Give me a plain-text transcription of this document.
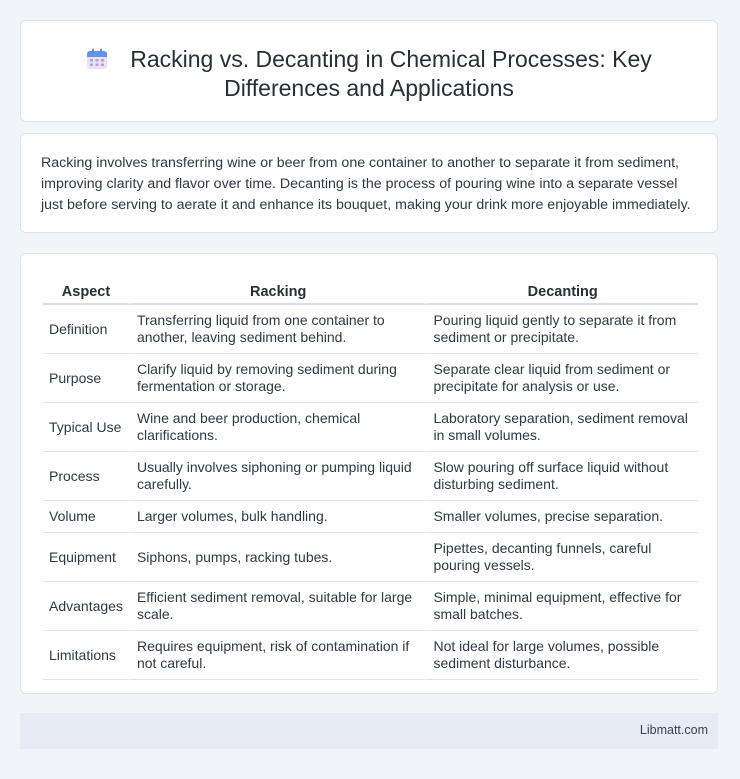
Racking vs. Decanting in Chemical Processes: Key Differences and Applications
Racking involves transferring wine or beer from one container to another to separate it from sediment, improving clarity and flavor over time. Decanting is the process of pouring wine into a separate vessel just before serving to aerate it and enhance its bouquet, making your drink more enjoyable immediately.
Aspect	Racking	Decanting
Definition	Transferring liquid from one container to another, leaving sediment behind.	Pouring liquid gently to separate it from sediment or precipitate.
Purpose	Clarify liquid by removing sediment during fermentation or storage.	Separate clear liquid from sediment or precipitate for analysis or use.
Typical Use	Wine and beer production, chemical clarifications.	Laboratory separation, sediment removal in small volumes.
Process	Usually involves siphoning or pumping liquid carefully.	Slow pouring off surface liquid without disturbing sediment.
Volume	Larger volumes, bulk handling.	Smaller volumes, precise separation.
Equipment	Siphons, pumps, racking tubes.	Pipettes, decanting funnels, careful pouring vessels.
Advantages	Efficient sediment removal, suitable for large scale.	Simple, minimal equipment, effective for small batches.
Limitations	Requires equipment, risk of contamination if not careful.	Not ideal for large volumes, possible sediment disturbance.
Libmatt.com
